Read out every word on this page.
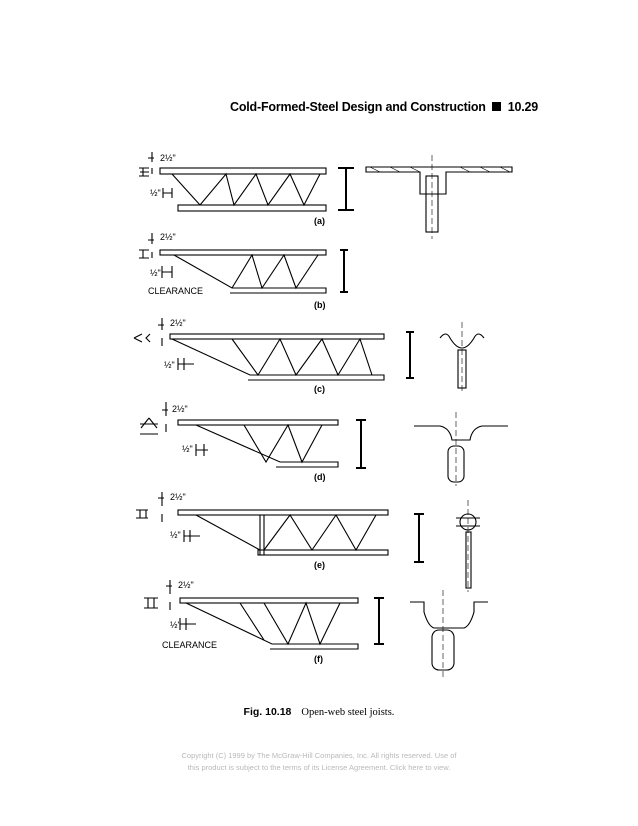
Cold-Formed-Steel Design and Construction 10.29
2½"
½"
(a)
2½"
½"
CLEARANCE
(b)
2½"
½"
(c)
2½"
½"
(d)
2½"
½"
(e)
2½"
½"
CLEARANCE
(f)
Fig. 10.18 Open-web steel joists.
Copyright (C) 1999 by The McGraw-Hill Companies, Inc. All rights reserved. Use of
this product is subject to the terms of its License Agreement. Click here to view.
